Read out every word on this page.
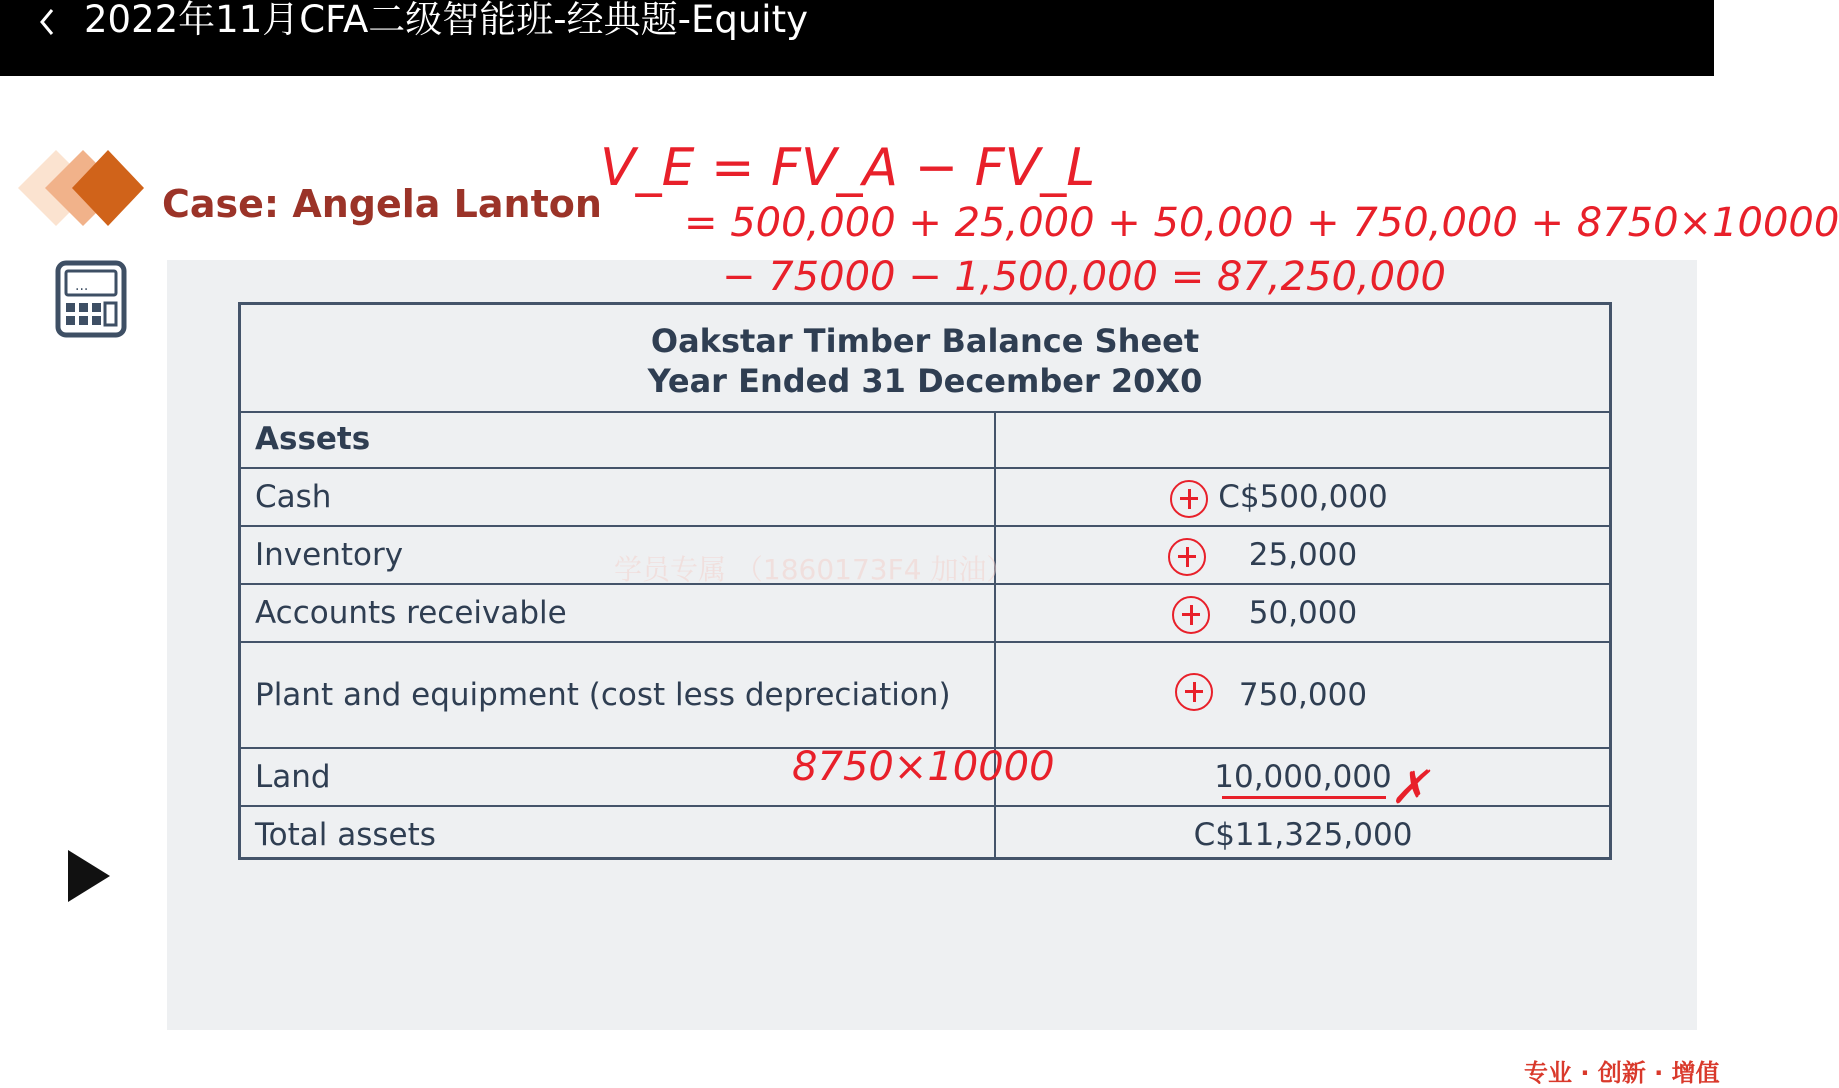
2022年11月CFA二级智能班-经典题-Equity
Case: Angela Lanton
...
Oakstar Timber Balance Sheet
Year Ended 31 December 20X0
Assets
Cash	C$500,000
Inventory	25,000
Accounts receivable	50,000
Plant and equipment (cost less depreciation)	750,000
Land	10,000,000
Total assets	C$11,325,000
学员专属 （1860173F4 加油）
V_E = FV_A − FV_L
= 500,000 + 25,000 + 50,000 + 750,000 + 8750×10000
− 75000 − 1,500,000 = 87,250,000
8750×10000	✗
专业 · 创新 · 增值
